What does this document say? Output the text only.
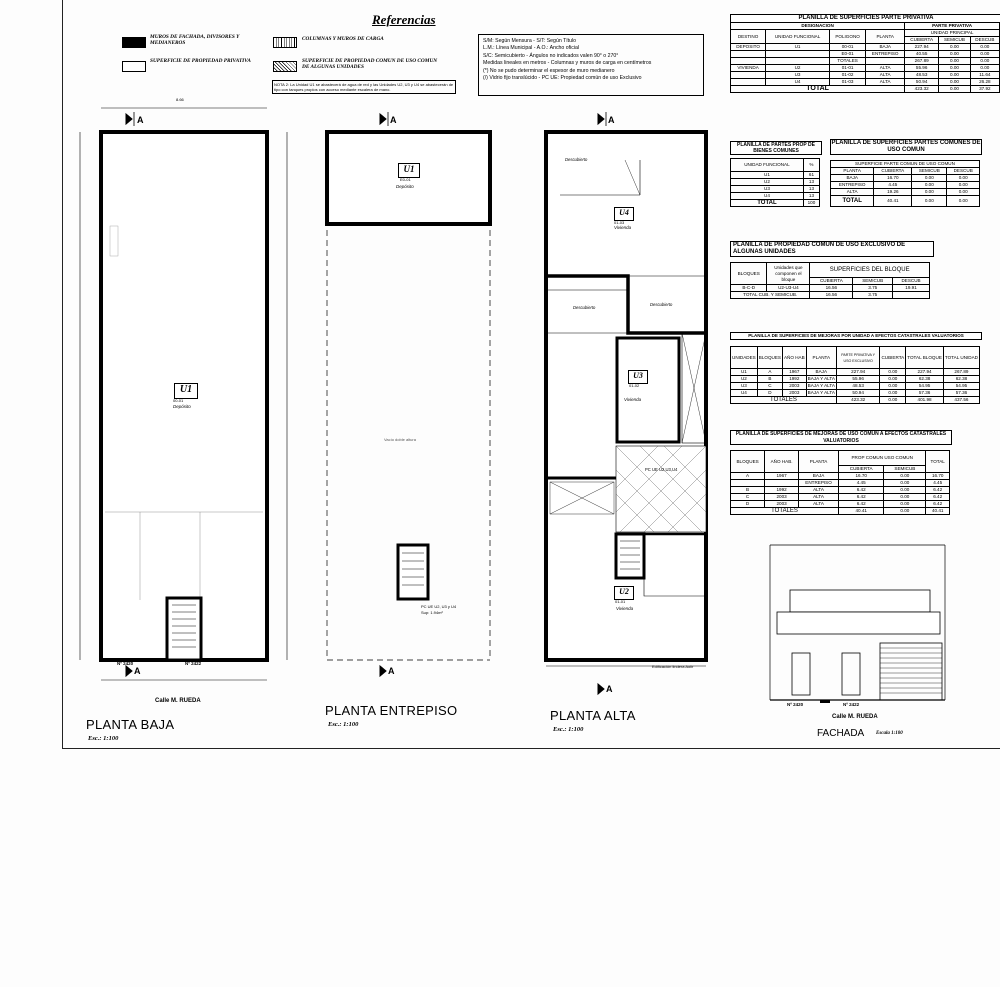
Referencias
MUROS DE FACHADA, DIVISORES Y MEDIANEROS
SUPERFICIE DE PROPIEDAD PRIVATIVA
COLUMNAS Y MUROS DE CARGA
SUPERFICIE DE PROPIEDAD COMUN DE USO COMUN DE ALGUNAS UNIDADES
NOTA 2: La Unidad U1 se abastecerá de agua de red y las Unidades U2, U3 y U4 se abastecerán de tipo con tanques propios con acceso mediante escalera de mano.
S/M: Según Mensura - S/T: Según Título
L.M.: Línea Municipal - A.O.: Ancho oficial
S/C: Semicubierto - Ángulos no indicados valen 90° o 270°
Medidas lineales en metros - Columnas y muros de carga en centímetros
(*) No se pudo determinar el espesor de muro medianero
(/) Vidrio fijo translúcido - PC UE: Propiedad común de uso Exclusivo
A
A
A
A
A
A
U1
00-01
Depósito
8.66
U1
E0-01
Depósito
Vacío doble altura
PC UE U2, U3 y U4
Sup: 1.94m²
U4
01-03
Vivienda
Descubierto
Descubierto
Descubierto
U3
01-02
Vivienda
PC UE U2,U3,U4
U2
01-01
Vivienda
Edificación lindera Aolir
Nº 2420	Nº 2422
Calle M. RUEDA
PLANTA BAJA
Esc.: 1:100
PLANTA ENTREPISO
Esc.: 1:100
PLANTA ALTA
Esc.: 1:100
Nº 2420	Nº 2422
Calle M. RUEDA
FACHADA Escala 1:100
PLANILLA DE SUPERFICIES PARTE PRIVATIVA
DESIGNACION				PARTE PRIVATIVA		
DESTINO	UNIDAD FUNCIONAL	POLIGONO	PLANTA	UNIDAD PRINCIPAL		
				CUBIERTA	SEMICUB	DESCUB
DEPOSITO	U1	00-01	BAJA	227.94	0.00	0.00
		E0-01	ENTREPISO	40.55	0.00	0.00
		TOTALES		267.89	0.00	0.00
VIVIENDA	U2	01-01	ALTA	55.96	0.00	0.00
	U3	01-02	ALTA	48.53	0.00	11.64
	U4	01-03	ALTA	50.94	0.00	26.28
TOTAL				423.32	0.00	37.92
PLANILLA DE PARTES PROP DE BIENES COMUNES
UNIDAD FUNCIONAL	%
U1	61
U2	13
U3	13
U4	13
TOTAL	100
PLANILLA DE SUPERFICIES PARTES COMUNES DE USO COMUN
SUPERFICIE PARTE COMUN DE USO COMUN			
PLANTA	CUBIERTA	SEMICUB	DESCUB
BAJA	16.70	0.00	0.00
ENTREPISO	4.45	0.00	0.00
ALTA	19.26	0.00	0.00
TOTAL	40.41	0.00	0.00
PLANILLA DE PROPIEDAD COMUN DE USO EXCLUSIVO DE ALGUNAS UNIDADES
BLOQUES	Unidades que componen el bloque	SUPERFICIES DEL BLOQUE		
		CUBIERTA	SEMICUB	DESCUB
B-C-D	U2-U3-U4	16.56	3.75	19.91
TOTAL CUB. Y SEMICUB.		16.56	3.75	
PLANILLA DE SUPERFICIES DE MEJORAS POR UNIDAD A EFECTOS CATASTRALES VALUATORIOS
UNIDADES	BLOQUES	AÑO HAB	PLANTA	PARTE PRIVATIVA Y USO EXCLUSIVO	CUBIERTA	TOTAL BLOQUE	TOTAL UNIDAD
U1	A	1967	BAJA	227.94	0.00	227.94	267.89
U2	B	1992	BAJA Y ALTA	55.96	0.00	62.38	62.38
U3	C	2003	BAJA Y ALTA	48.53	0.00	54.95	54.95
U4	D	2003	BAJA Y ALTA	50.94	0.00	57.36	57.36
TOTALES				423.32	0.00	401.98	437.56
PLANILLA DE SUPERFICIES DE MEJORAS DE USO COMUN A EFECTOS CATASTRALES VALUATORIOS
BLOQUES	AÑO HAB.	PLANTA	PROP COMUN USO COMUN		TOTAL
			CUBIERTA	SEMICUB	
A	1967	BAJA	16.70	0.00	16.70
		ENTREPISO	4.45	0.00	4.45
B	1992	ALTA	6.42	0.00	6.42
C	2003	ALTA	6.42	0.00	6.42
D	2003	ALTA	6.42	0.00	6.42
TOTALES			40.41	0.00	40.41
